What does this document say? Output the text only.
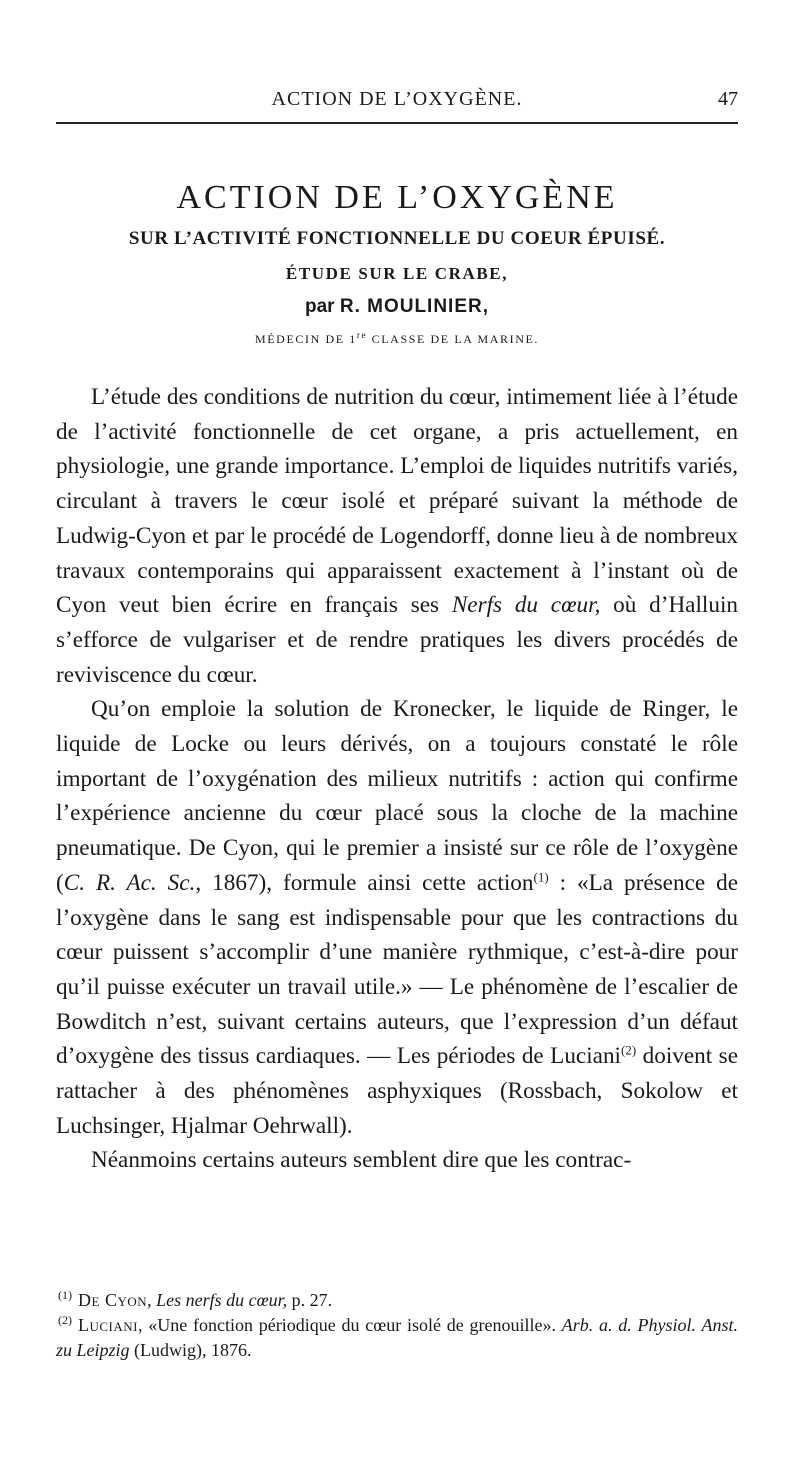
ACTION DE L’OXYGÈNE.	47
ACTION DE L’OXYGÈNE
SUR L’ACTIVITÉ FONCTIONNELLE DU COEUR ÉPUISÉ.
ÉTUDE SUR LE CRABE,
par R. MOULINIER,
MÉDECIN DE 1re CLASSE DE LA MARINE.

L’étude des conditions de nutrition du cœur, intimement liée à l’étude de l’activité fonctionnelle de cet organe, a pris actuellement, en physiologie, une grande importance. L’emploi de liquides nutritifs variés, circulant à travers le cœur isolé et préparé suivant la méthode de Ludwig-Cyon et par le procédé de Logendorff, donne lieu à de nombreux travaux contemporains qui apparaissent exactement à l’instant où de Cyon veut bien écrire en français ses Nerfs du cœur, où d’Halluin s’efforce de vulgariser et de rendre pratiques les divers procédés de reviviscence du cœur.

Qu’on emploie la solution de Kronecker, le liquide de Ringer, le liquide de Locke ou leurs dérivés, on a toujours constaté le rôle important de l’oxygénation des milieux nutritifs : action qui confirme l’expérience ancienne du cœur placé sous la cloche de la machine pneumatique. De Cyon, qui le premier a insisté sur ce rôle de l’oxygène (C. R. Ac. Sc., 1867), formule ainsi cette action$^{(1)}$ : «La présence de l’oxygène dans le sang est indispensable pour que les contractions du cœur puissent s’accomplir d’une manière rythmique, c’est-à-dire pour qu’il puisse exécuter un travail utile.» — Le phénomène de l’escalier de Bowditch n’est, suivant certains auteurs, que l’expression d’un défaut d’oxygène des tissus cardiaques. — Les périodes de Luciani$^{(2)}$ doivent se rattacher à des phénomènes asphyxiques (Rossbach, Sokolow et Luchsinger, Hjalmar Oehrwall).

Néanmoins certains auteurs semblent dire que les contrac-

$^{(1)}$ De Cyon, Les nerfs du cœur, p. 27.

$^{(2)}$ Luciani, «Une fonction périodique du cœur isolé de grenouille». Arb. a. d. Physiol. Anst. zu Leipzig (Ludwig), 1876.
